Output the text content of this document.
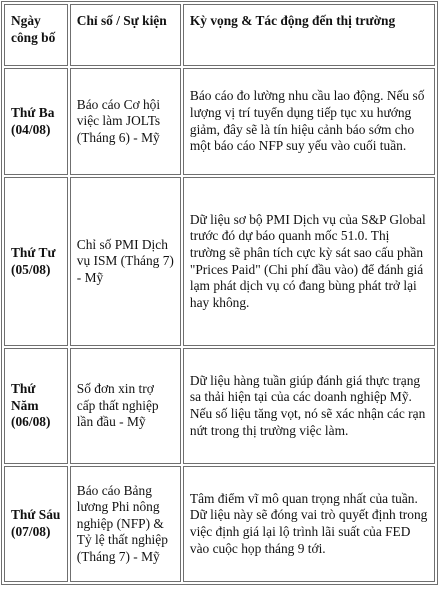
Ngày công bố	Chỉ số / Sự kiện	Kỳ vọng & Tác động đến thị trường
Thứ Ba (04/08)	Báo cáo Cơ hội việc làm JOLTs (Tháng 6) - Mỹ	Báo cáo đo lường nhu cầu lao động. Nếu số lượng vị trí tuyển dụng tiếp tục xu hướng giảm, đây sẽ là tín hiệu cảnh báo sớm cho một báo cáo NFP suy yếu vào cuối tuần.
Thứ Tư (05/08)	Chỉ số PMI Dịch vụ ISM (Tháng 7) - Mỹ	Dữ liệu sơ bộ PMI Dịch vụ của S&P Global trước đó dự báo quanh mốc 51.0. Thị trường sẽ phân tích cực kỳ sát sao cấu phần "Prices Paid" (Chi phí đầu vào) để đánh giá lạm phát dịch vụ có đang bùng phát trở lại hay không.
Thứ Năm (06/08)	Số đơn xin trợ cấp thất nghiệp lần đầu - Mỹ	Dữ liệu hàng tuần giúp đánh giá thực trạng sa thải hiện tại của các doanh nghiệp Mỹ. Nếu số liệu tăng vọt, nó sẽ xác nhận các rạn nứt trong thị trường việc làm.
Thứ Sáu (07/08)	Báo cáo Bảng lương Phi nông nghiệp (NFP) & Tỷ lệ thất nghiệp (Tháng 7) - Mỹ	Tâm điểm vĩ mô quan trọng nhất của tuần. Dữ liệu này sẽ đóng vai trò quyết định trong việc định giá lại lộ trình lãi suất của FED vào cuộc họp tháng 9 tới.
